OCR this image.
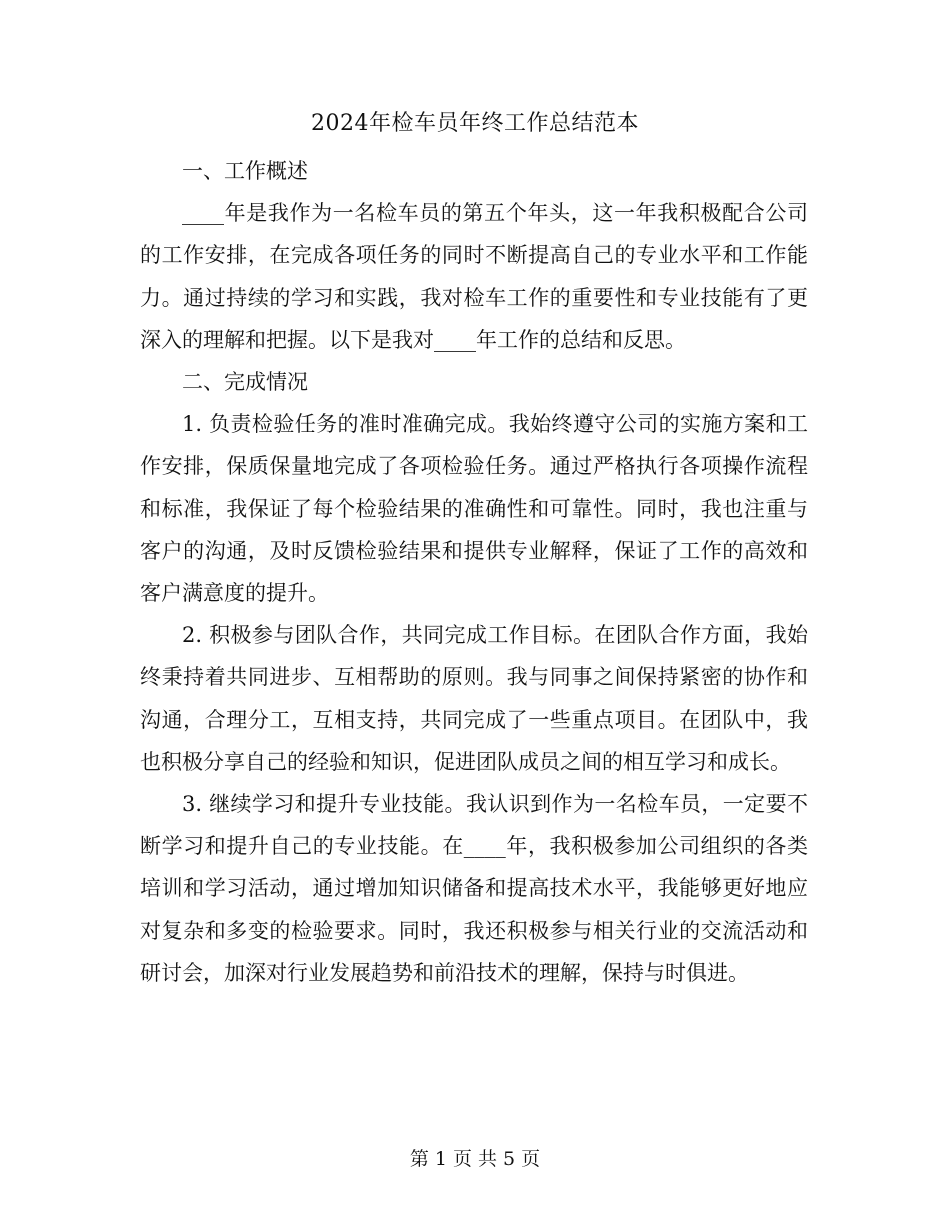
2024年检车员年终工作总结范本

一、工作概述

____年是我作为一名检车员的第五个年头，这一年我积极配合公司的工作安排，在完成各项任务的同时不断提高自己的专业水平和工作能力。通过持续的学习和实践，我对检车工作的重要性和专业技能有了更深入的理解和把握。以下是我对____年工作的总结和反思。

二、完成情况

1. 负责检验任务的准时准确完成。我始终遵守公司的实施方案和工作安排，保质保量地完成了各项检验任务。通过严格执行各项操作流程和标准，我保证了每个检验结果的准确性和可靠性。同时，我也注重与客户的沟通，及时反馈检验结果和提供专业解释，保证了工作的高效和客户满意度的提升。

2. 积极参与团队合作，共同完成工作目标。在团队合作方面，我始终秉持着共同进步、互相帮助的原则。我与同事之间保持紧密的协作和沟通，合理分工，互相支持，共同完成了一些重点项目。在团队中，我也积极分享自己的经验和知识，促进团队成员之间的相互学习和成长。

3. 继续学习和提升专业技能。我认识到作为一名检车员，一定要不断学习和提升自己的专业技能。在____年，我积极参加公司组织的各类培训和学习活动，通过增加知识储备和提高技术水平，我能够更好地应对复杂和多变的检验要求。同时，我还积极参与相关行业的交流活动和研讨会，加深对行业发展趋势和前沿技术的理解，保持与时俱进。

第 1 页 共 5 页
